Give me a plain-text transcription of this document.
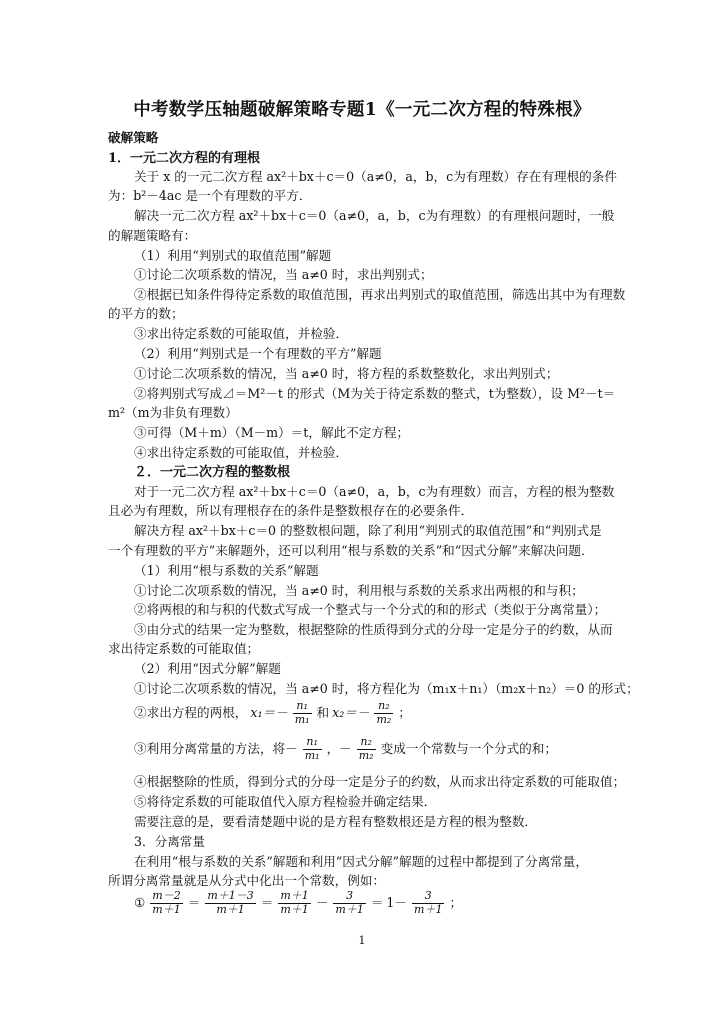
中考数学压轴题破解策略专题1《一元二次方程的特殊根》
破解策略
1．一元二次方程的有理根
关于 x 的一元二次方程 ax²＋bx＋c＝0（a≠0，a，b，c为有理数）存在有理根的条件
为：b²－4ac 是一个有理数的平方．
解决一元二次方程 ax²＋bx＋c＝0（a≠0，a，b，c为有理数）的有理根问题时，一般
的解题策略有：
（1）利用“判别式的取值范围”解题
①讨论二次项系数的情况，当 a≠0 时，求出判别式；
②根据已知条件得待定系数的取值范围，再求出判别式的取值范围，筛选出其中为有理数
的平方的数；
③求出待定系数的可能取值，并检验．
（2）利用“判别式是一个有理数的平方”解题
①讨论二次项系数的情况，当 a≠0 时，将方程的系数整数化，求出判别式；
②将判别式写成⊿＝M²－t 的形式（M为关于待定系数的整式，t为整数），设 M²－t＝
m²（m为非负有理数）
③可得（M＋m）（M－m）＝t，解此不定方程；
④求出待定系数的可能取值，并检验．
２．一元二次方程的整数根
对于一元二次方程 ax²＋bx＋c＝0（a≠0，a，b，c为有理数）而言，方程的根为整数
且必为有理数，所以有理根存在的条件是整数根存在的必要条件．
解决方程 ax²＋bx＋c＝0 的整数根问题，除了利用“判别式的取值范围”和“判别式是
一个有理数的平方”来解题外，还可以利用“根与系数的关系”和“因式分解”来解决问题．
（1）利用“根与系数的关系”解题
①讨论二次项系数的情况，当 a≠0 时，利用根与系数的关系求出两根的和与积；
②将两根的和与积的代数式写成一个整式与一个分式的和的形式（类似于分离常量）；
③由分式的结果一定为整数，根据整除的性质得到分式的分母一定是分子的约数，从而
求出待定系数的可能取值；
（2）利用“因式分解”解题
①讨论二次项系数的情况，当 a≠0 时，将方程化为（m₁x＋n₁）（m₂x＋n₂）＝0 的形式；
②求出方程的两根， $x_1=- \frac{\text{n₁}}{\text{m₁}}$ 和 $x_2=- \frac{\text{n₂}}{\text{m₂}}$ ；
③利用分离常量的方法，将－ $\frac{\text{n₁}}{\text{m₁}}$ ，－ $\frac{\text{n₂}}{\text{m₂}}$ 变成一个常数与一个分式的和；
④根据整除的性质，得到分式的分母一定是分子的约数，从而求出待定系数的可能取值；
⑤将待定系数的可能取值代入原方程检验并确定结果．
需要注意的是，要看清楚题中说的是方程有整数根还是方程的根为整数．
3．分离常量
在利用“根与系数的关系”解题和利用“因式分解”解题的过程中都提到了分离常量，
所谓分离常量就是从分式中化出一个常数，例如：
① $\frac{m-2}{m+1} = \frac{m+1-3}{m+1} = \frac{m+1}{m+1} - \frac{3}{m+1} = 1- \frac{3}{m+1}$ ；
1
